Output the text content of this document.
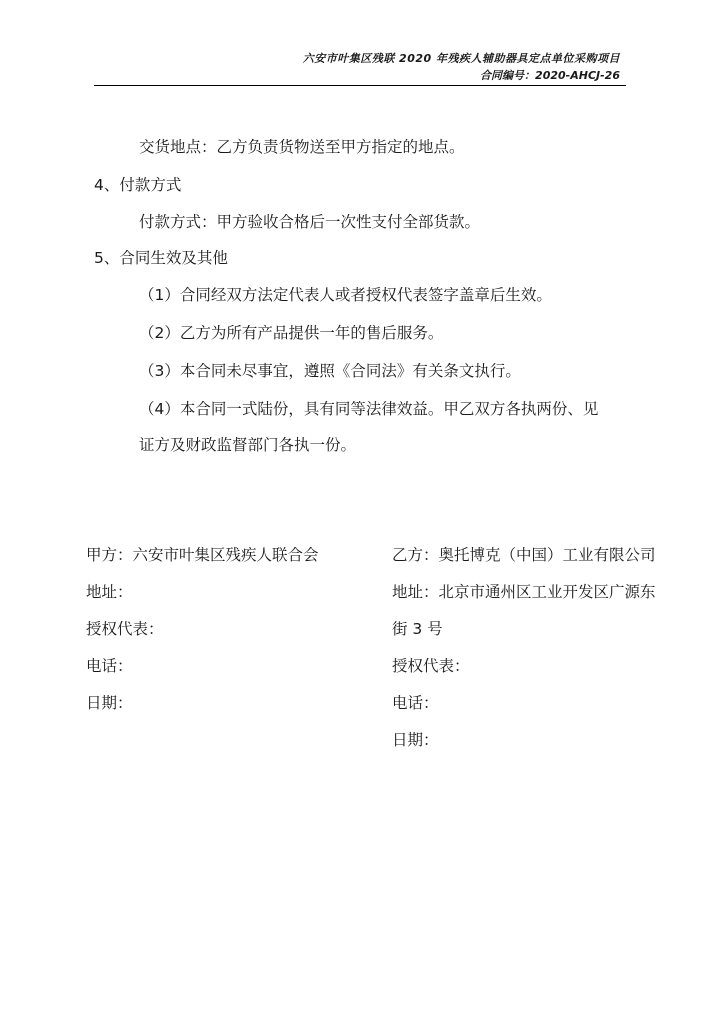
六安市叶集区残联 2020 年残疾人辅助器具定点单位采购项目
合同编号：2020-AHCJ-26
交货地点：乙方负责货物送至甲方指定的地点。
4、付款方式
付款方式：甲方验收合格后一次性支付全部货款。
5、合同生效及其他
（1）合同经双方法定代表人或者授权代表签字盖章后生效。
（2）乙方为所有产品提供一年的售后服务。
（3）本合同未尽事宜，遵照《合同法》有关条文执行。
（4）本合同一式陆份，具有同等法律效益。甲乙双方各执两份、见
证方及财政监督部门各执一份。
甲方：六安市叶集区残疾人联合会
地址：
授权代表：
电话：
日期：
乙方：奥托博克（中国）工业有限公司
地址：北京市通州区工业开发区广源东
街 3 号
授权代表：
电话：
日期：
